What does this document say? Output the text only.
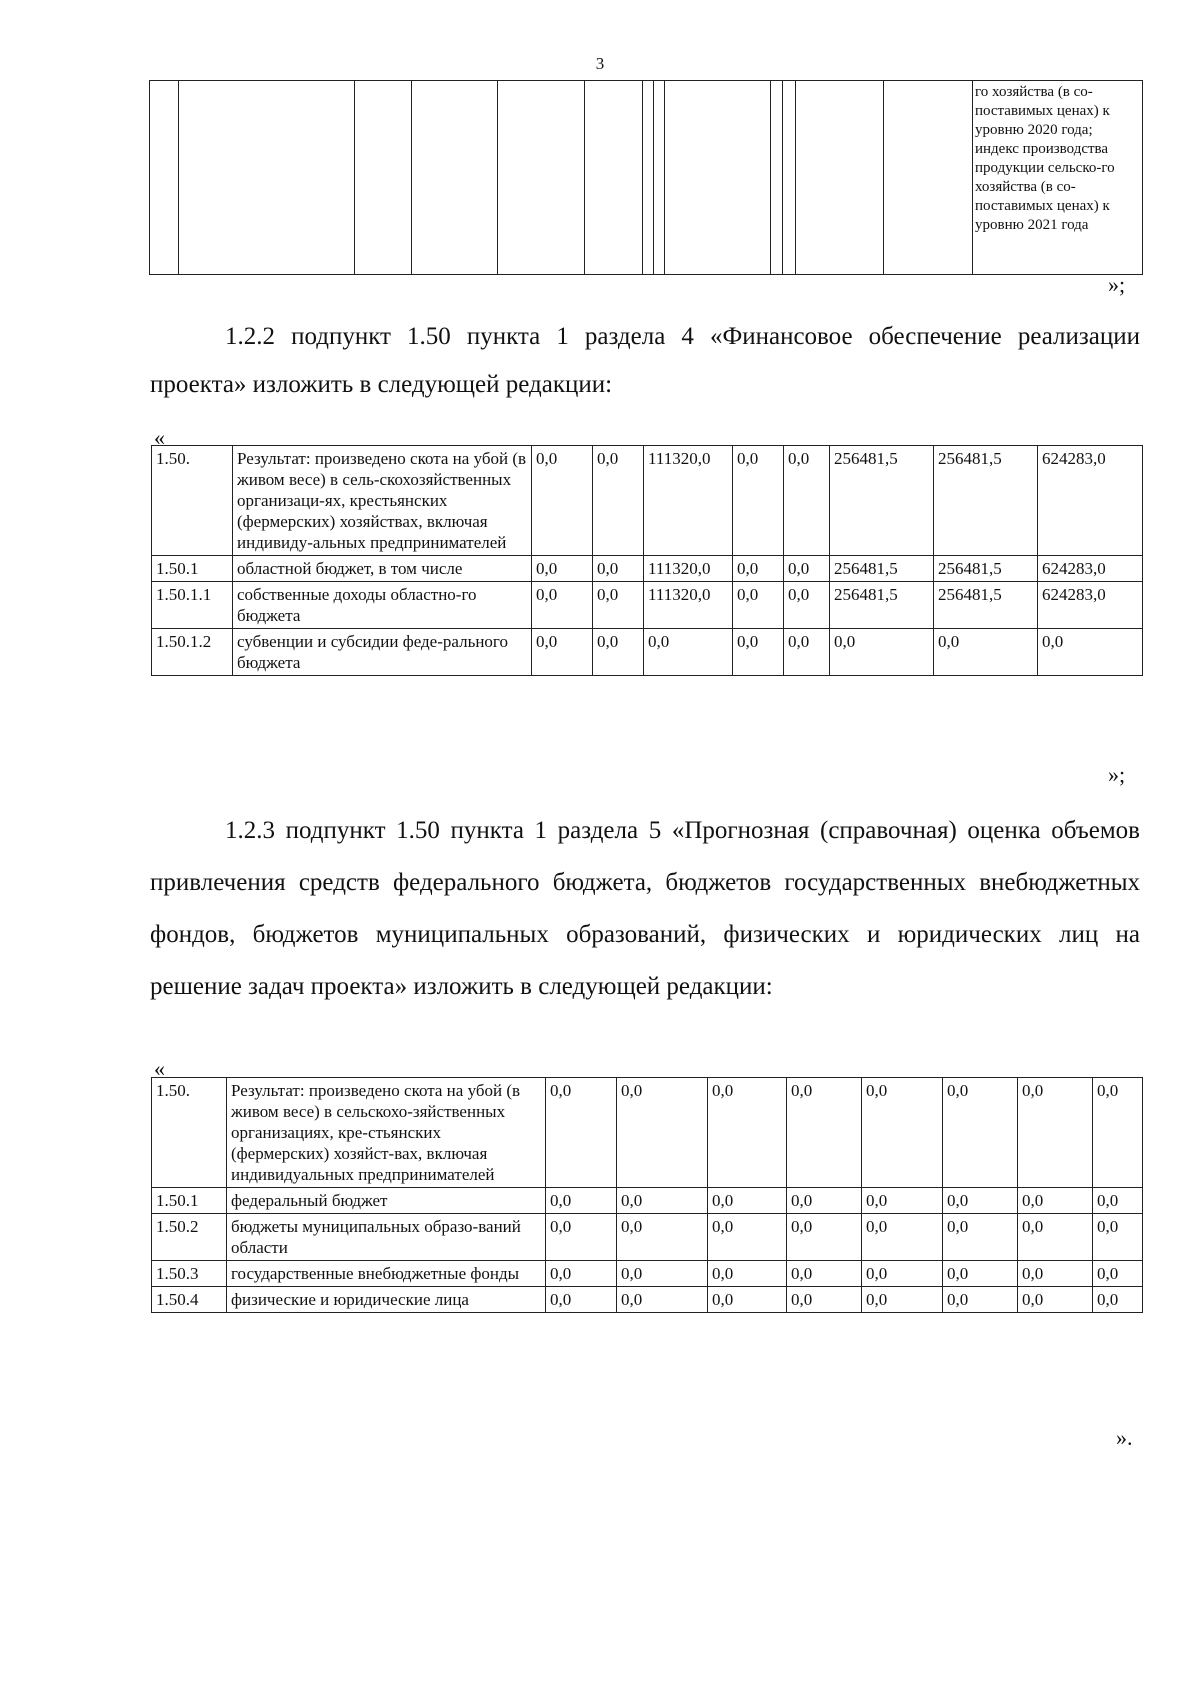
3
													го хозяйства (в со-поставимых ценах) к уровню 2020 года; индекс производства продукции сельско-го хозяйства (в со-поставимых ценах) к уровню 2021 года
»;
1.2.2 подпункт 1.50 пункта 1 раздела 4 «Финансовое обеспечение реализации проекта» изложить в следующей редакции:
«
1.50.	Результат: произведено скота на убой (в живом весе) в сель-скохозяйственных организаци-ях, крестьянских (фермерских) хозяйствах, включая индивиду-альных предпринимателей	0,0	0,0	111320,0	0,0	0,0	256481,5	256481,5	624283,0
1.50.1	областной бюджет, в том числе	0,0	0,0	111320,0	0,0	0,0	256481,5	256481,5	624283,0
1.50.1.1	собственные доходы областно-го бюджета	0,0	0,0	111320,0	0,0	0,0	256481,5	256481,5	624283,0
1.50.1.2	субвенции и субсидии феде-рального бюджета	0,0	0,0	0,0	0,0	0,0	0,0	0,0	0,0
»;
1.2.3 подпункт 1.50 пункта 1 раздела 5 «Прогнозная (справочная) оценка объемов привлечения средств федерального бюджета, бюджетов государственных внебюджетных фондов, бюджетов муниципальных образований, физических и юридических лиц на решение задач проекта» изложить в следующей редакции:
«
1.50.	Результат: произведено скота на убой (в живом весе) в сельскохо-зяйственных организациях, кре-стьянских (фермерских) хозяйст-вах, включая индивидуальных предпринимателей	0,0	0,0	0,0	0,0	0,0	0,0	0,0	0,0
1.50.1	федеральный бюджет	0,0	0,0	0,0	0,0	0,0	0,0	0,0	0,0
1.50.2	бюджеты муниципальных образо-ваний области	0,0	0,0	0,0	0,0	0,0	0,0	0,0	0,0
1.50.3	государственные внебюджетные фонды	0,0	0,0	0,0	0,0	0,0	0,0	0,0	0,0
1.50.4	физические и юридические лица	0,0	0,0	0,0	0,0	0,0	0,0	0,0	0,0
».
